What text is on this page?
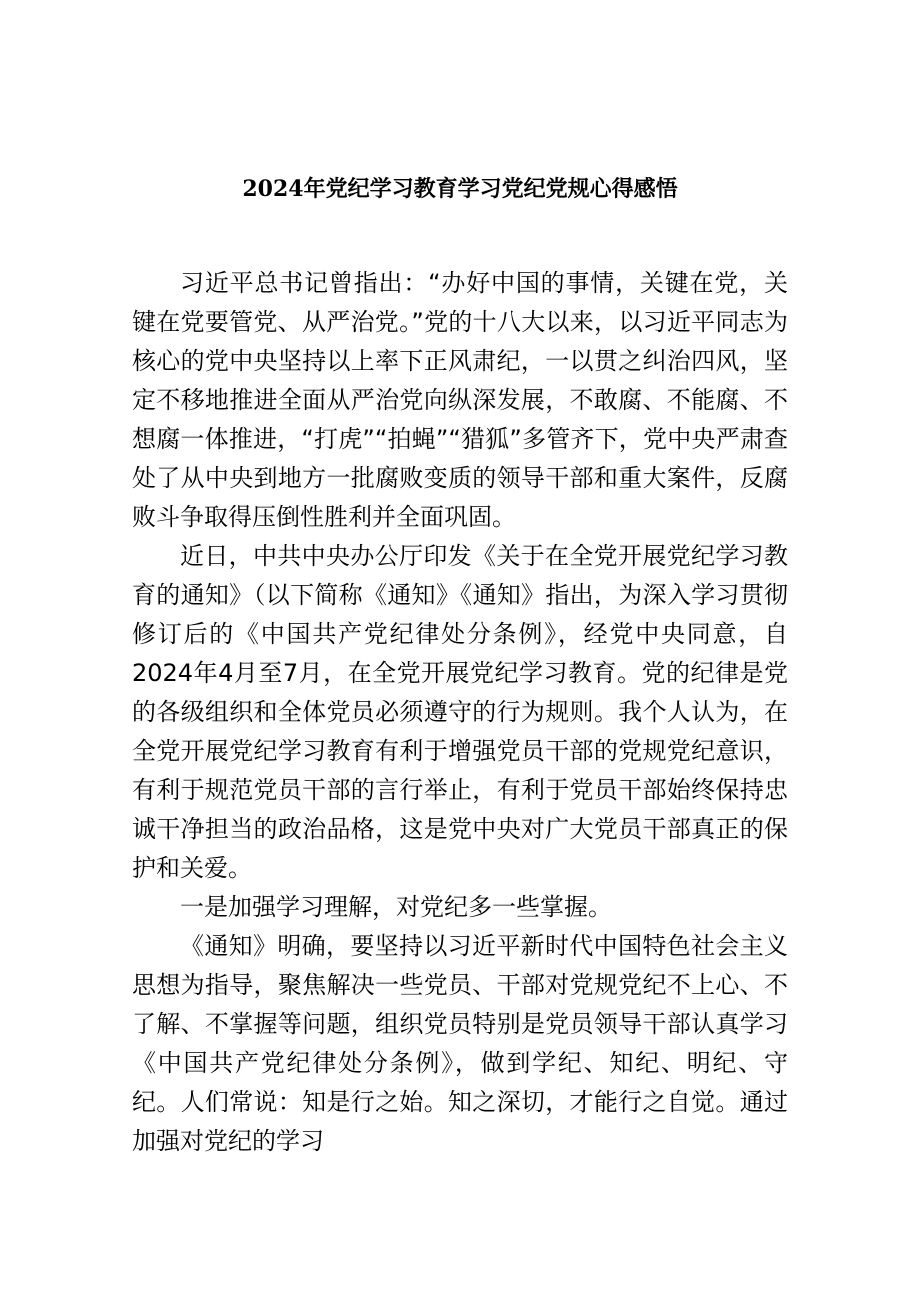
2024年党纪学习教育学习党纪党规心得感悟

习近平总书记曾指出：“办好中国的事情，关键在党，关键在党要管党、从严治党。”党的十八大以来，以习近平同志为核心的党中央坚持以上率下正风肃纪，一以贯之纠治四风，坚定不移地推进全面从严治党向纵深发展，不敢腐、不能腐、不想腐一体推进，“打虎”“拍蝇”“猎狐”多管齐下，党中央严肃查处了从中央到地方一批腐败变质的领导干部和重大案件，反腐败斗争取得压倒性胜利并全面巩固。

近日，中共中央办公厅印发《关于在全党开展党纪学习教育的通知》（以下简称《通知》《通知》指出，为深入学习贯彻修订后的《中国共产党纪律处分条例》，经党中央同意，自2024年4月至7月，在全党开展党纪学习教育。党的纪律是党的各级组织和全体党员必须遵守的行为规则。我个人认为，在全党开展党纪学习教育有利于增强党员干部的党规党纪意识，有利于规范党员干部的言行举止，有利于党员干部始终保持忠诚干净担当的政治品格，这是党中央对广大党员干部真正的保护和关爱。

一是加强学习理解，对党纪多一些掌握。

《通知》明确，要坚持以习近平新时代中国特色社会主义思想为指导，聚焦解决一些党员、干部对党规党纪不上心、不了解、不掌握等问题，组织党员特别是党员领导干部认真学习《中国共产党纪律处分条例》，做到学纪、知纪、明纪、守纪。人们常说：知是行之始。知之深切，才能行之自觉。通过加强对党纪的学习
